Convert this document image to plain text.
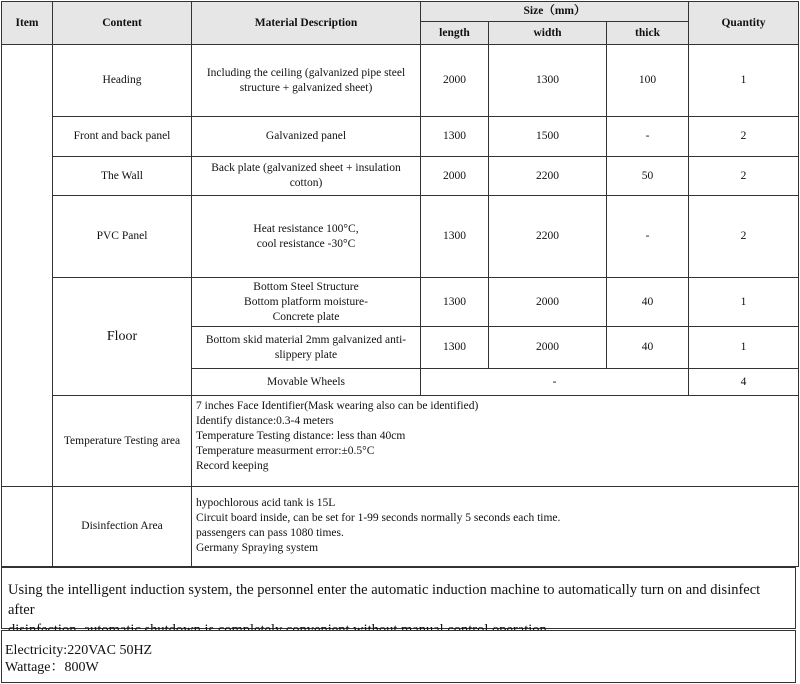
Item	Content	Material Description	Size（mm）			Quantity
			length	width	thick	
	Heading	Including the ceiling (galvanized pipe steel
structure + galvanized sheet)	2000	1300	100	1
	Front and back panel	Galvanized panel	1300	1500	-	2
	The Wall	Back plate (galvanized sheet + insulation
cotton)	2000	2200	50	2
	PVC Panel	Heat resistance 100°C,
cool resistance -30°C	1300	2200	-	2
	Floor	Bottom Steel Structure
Bottom platform moisture-
Concrete plate	1300	2000	40	1

		Bottom skid material 2mm galvanized anti-
slippery plate	1300	2000	40	1
		Movable Wheels	-			4
	Temperature Testing area	7 inches Face Identifier(Mask wearing also can be identified)
Identify distance:0.3-4 meters
Temperature Testing distance: less than 40cm
Temperature measurment error:±0.5°C
Record keeping				

	Disinfection Area	hypochlorous acid tank is 15L
Circuit board inside, can be set for 1-99 seconds normally 5 seconds each time.
passengers can pass 1080 times.
Germany Spraying system				
Using the intelligent induction system, the personnel enter the automatic induction machine to automatically turn on and disinfect after
Electricity:220VAC 50HZ
Wattage：800W
